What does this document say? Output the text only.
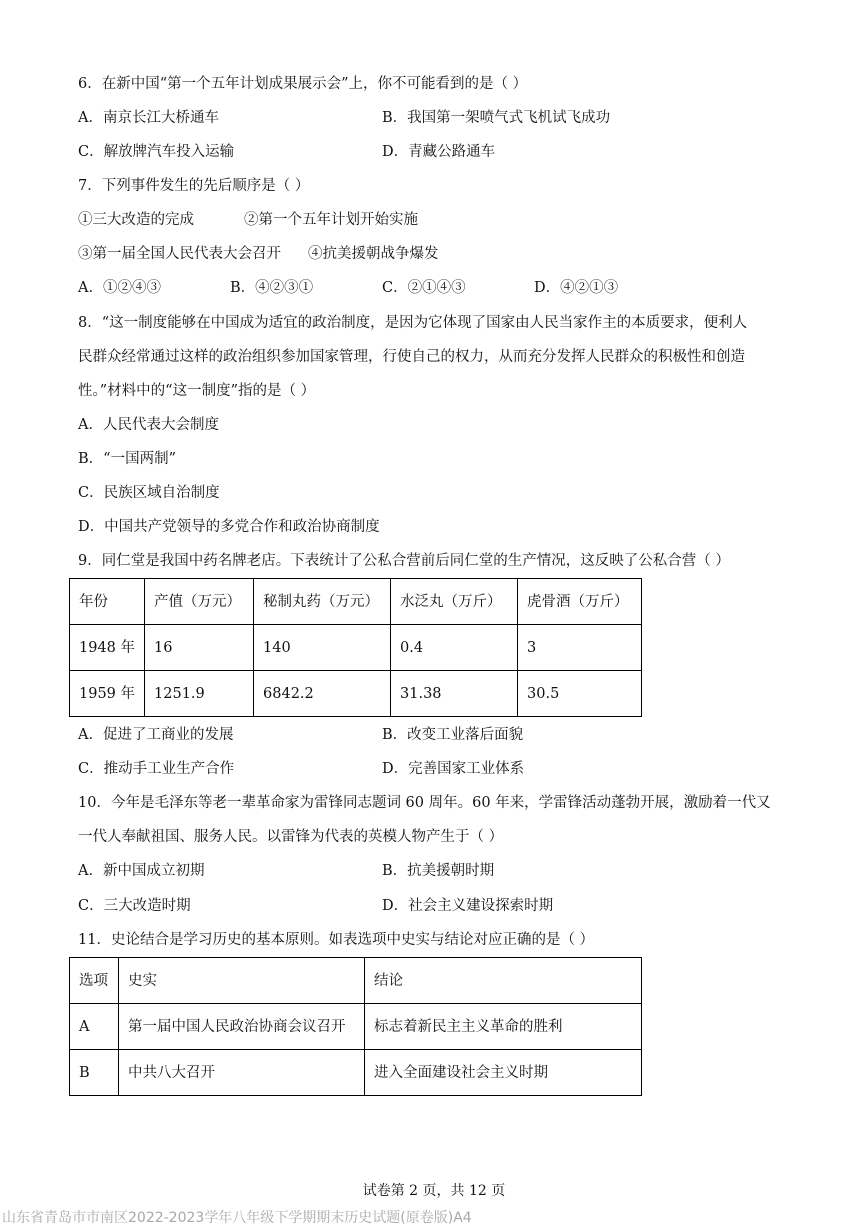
6．在新中国“第一个五年计划成果展示会”上，你不可能看到的是（ ）
A．南京长江大桥通车	B．我国第一架喷气式飞机试飞成功
C．解放牌汽车投入运输	D．青藏公路通车
7．下列事件发生的先后顺序是（ ）
①三大改造的完成	②第一个五年计划开始实施
③第一届全国人民代表大会召开 ④抗美援朝战争爆发
A．①②④③	B．④②③①	C．②①④③	D．④②①③
8．“这一制度能够在中国成为适宜的政治制度，是因为它体现了国家由人民当家作主的本质要求，便利人
民群众经常通过这样的政治组织参加国家管理，行使自己的权力，从而充分发挥人民群众的积极性和创造
性。”材料中的“这一制度”指的是（ ）
A．人民代表大会制度
B．“一国两制”
C．民族区域自治制度
D．中国共产党领导的多党合作和政治协商制度
9．同仁堂是我国中药名牌老店。下表统计了公私合营前后同仁堂的生产情况，这反映了公私合营（ ）
年份	产值（万元）	秘制丸药（万元）	水泛丸（万斤）	虎骨酒（万斤）
1948 年	16	140	0.4	3
1959 年	1251.9	6842.2	31.38	30.5
A．促进了工商业的发展	B．改变工业落后面貌
C．推动手工业生产合作	D．完善国家工业体系
10．今年是毛泽东等老一辈革命家为雷锋同志题词 60 周年。60 年来，学雷锋活动蓬勃开展，激励着一代又
一代人奉献祖国、服务人民。以雷锋为代表的英模人物产生于（ ）
A．新中国成立初期	B．抗美援朝时期
C．三大改造时期	D．社会主义建设探索时期
11．史论结合是学习历史的基本原则。如表选项中史实与结论对应正确的是（ ）
选项	史实	结论
A	第一届中国人民政治协商会议召开	标志着新民主主义革命的胜利
B	中共八大召开	进入全面建设社会主义时期
试卷第 2 页，共 12 页
山东省青岛市市南区2022-2023学年八年级下学期期末历史试题(原卷版)A4
